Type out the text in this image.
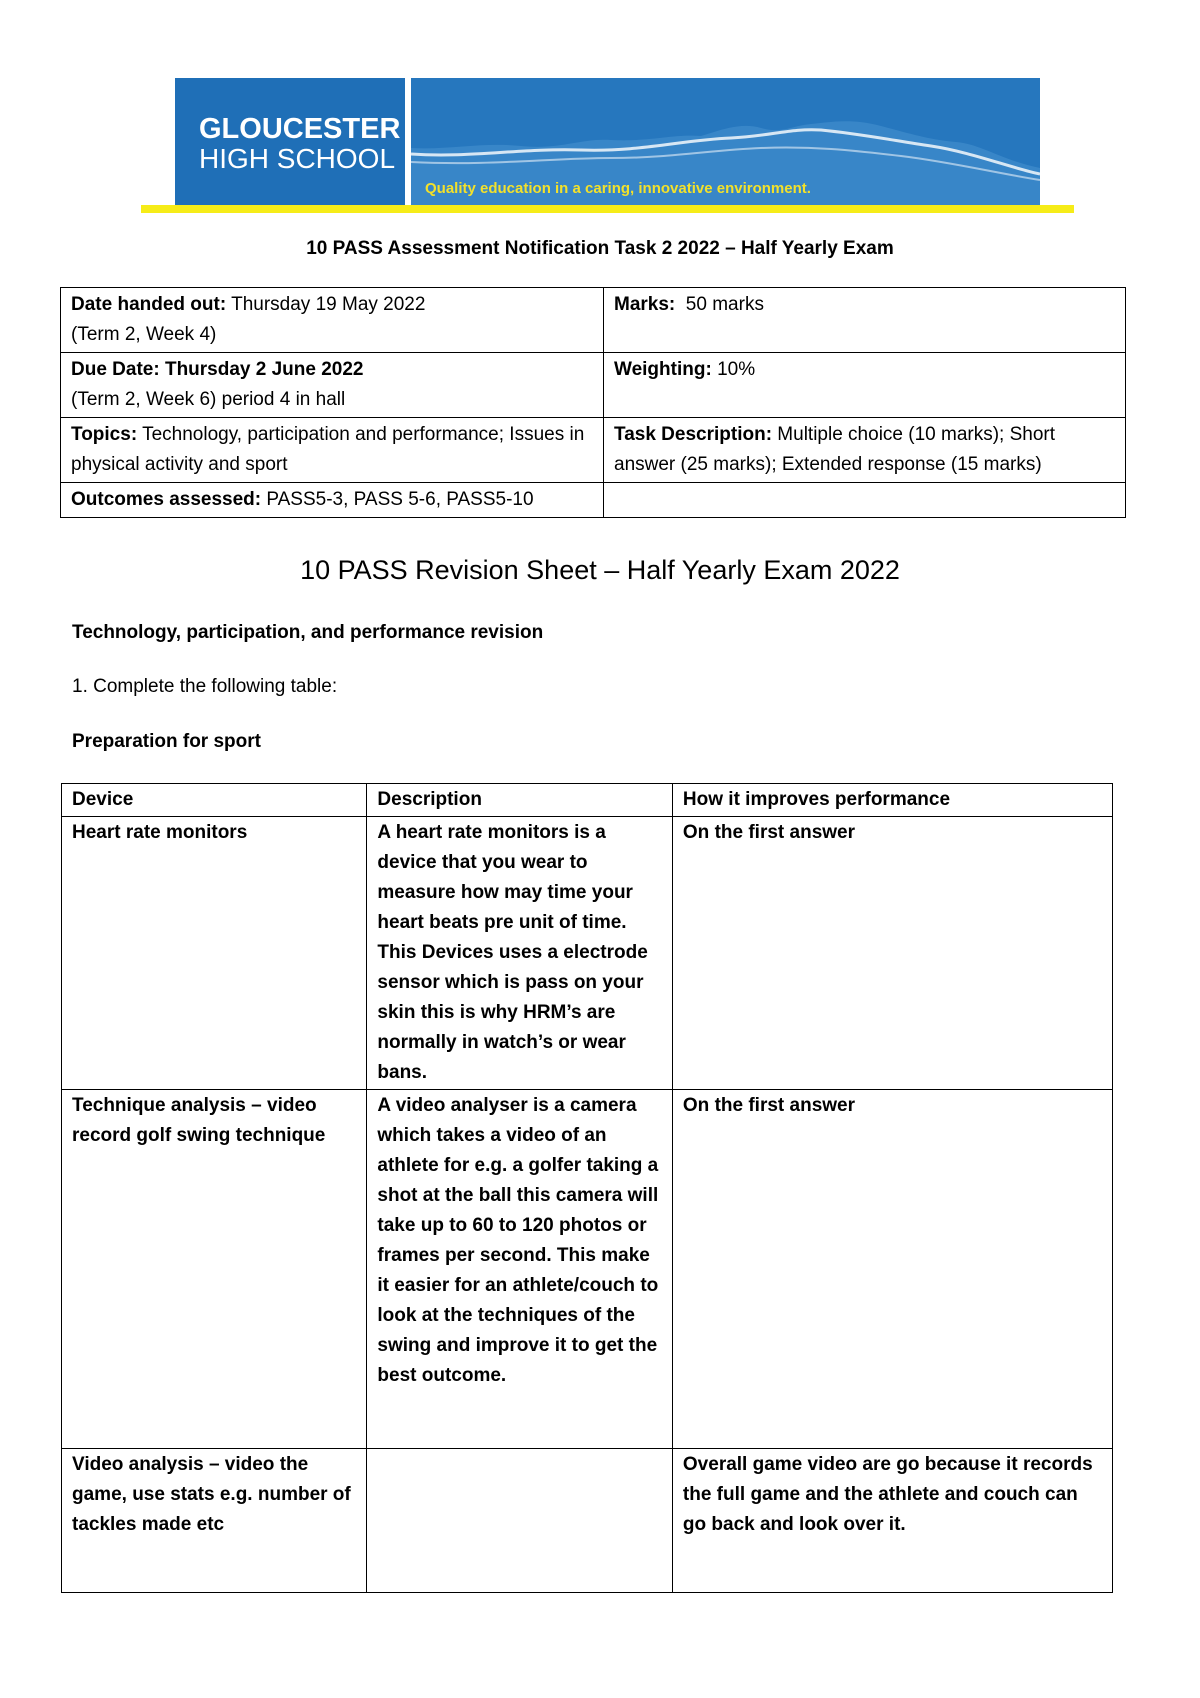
GLOUCESTER
HIGH SCHOOL
Quality education in a caring, innovative environment.
10 PASS Assessment Notification Task 2 2022 – Half Yearly Exam
Date handed out: Thursday 19 May 2022
(Term 2, Week 4)	Marks:  50 marks
Due Date: Thursday 2 June 2022
(Term 2, Week 6) period 4 in hall	Weighting: 10%
Topics: Technology, participation and performance; Issues in physical activity and sport	Task Description: Multiple choice (10 marks); Short answer (25 marks); Extended response (15 marks)
Outcomes assessed: PASS5-3, PASS 5-6, PASS5-10	
10 PASS Revision Sheet – Half Yearly Exam 2022
Technology, participation, and performance revision
1. Complete the following table:
Preparation for sport
Device	Description	How it improves performance
Heart rate monitors	A heart rate monitors is a device that you wear to measure how may time your heart beats pre unit of time. This Devices uses a electrode sensor which is pass on your skin this is why HRM’s are normally in watch’s or wear bans.	On the first answer
Technique analysis – video record golf swing technique	A video analyser is a camera which takes a video of an athlete for e.g. a golfer taking a shot at the ball this camera will take up to 60 to 120 photos or frames per second. This make it easier for an athlete/couch to look at the techniques of the swing and improve it to get the best outcome.	On the first answer
Video analysis – video the game, use stats e.g. number of tackles made etc		Overall game video are go because it records the full game and the athlete and couch can go back and look over it.
